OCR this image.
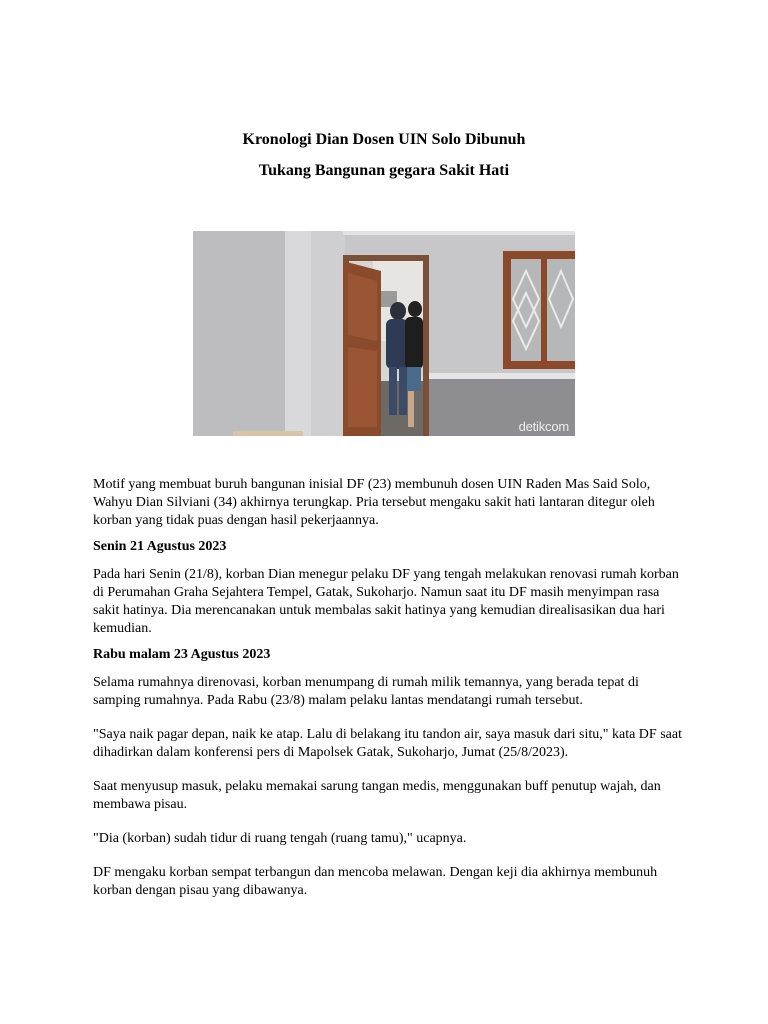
Kronologi Dian Dosen UIN Solo Dibunuh
Tukang Bangunan gegara Sakit Hati
detikcom

Motif yang membuat buruh bangunan inisial DF (23) membunuh dosen UIN Raden Mas Said Solo, Wahyu Dian Silviani (34) akhirnya terungkap. Pria tersebut mengaku sakit hati lantaran ditegur oleh korban yang tidak puas dengan hasil pekerjaannya.

Senin 21 Agustus 2023

Pada hari Senin (21/8), korban Dian menegur pelaku DF yang tengah melakukan renovasi rumah korban di Perumahan Graha Sejahtera Tempel, Gatak, Sukoharjo. Namun saat itu DF masih menyimpan rasa sakit hatinya. Dia merencanakan untuk membalas sakit hatinya yang kemudian direalisasikan dua hari kemudian.

Rabu malam 23 Agustus 2023

Selama rumahnya direnovasi, korban menumpang di rumah milik temannya, yang berada tepat di samping rumahnya. Pada Rabu (23/8) malam pelaku lantas mendatangi rumah tersebut.

"Saya naik pagar depan, naik ke atap. Lalu di belakang itu tandon air, saya masuk dari situ," kata DF saat dihadirkan dalam konferensi pers di Mapolsek Gatak, Sukoharjo, Jumat (25/8/2023).

Saat menyusup masuk, pelaku memakai sarung tangan medis, menggunakan buff penutup wajah, dan membawa pisau.

"Dia (korban) sudah tidur di ruang tengah (ruang tamu)," ucapnya.

DF mengaku korban sempat terbangun dan mencoba melawan. Dengan keji dia akhirnya membunuh korban dengan pisau yang dibawanya.
